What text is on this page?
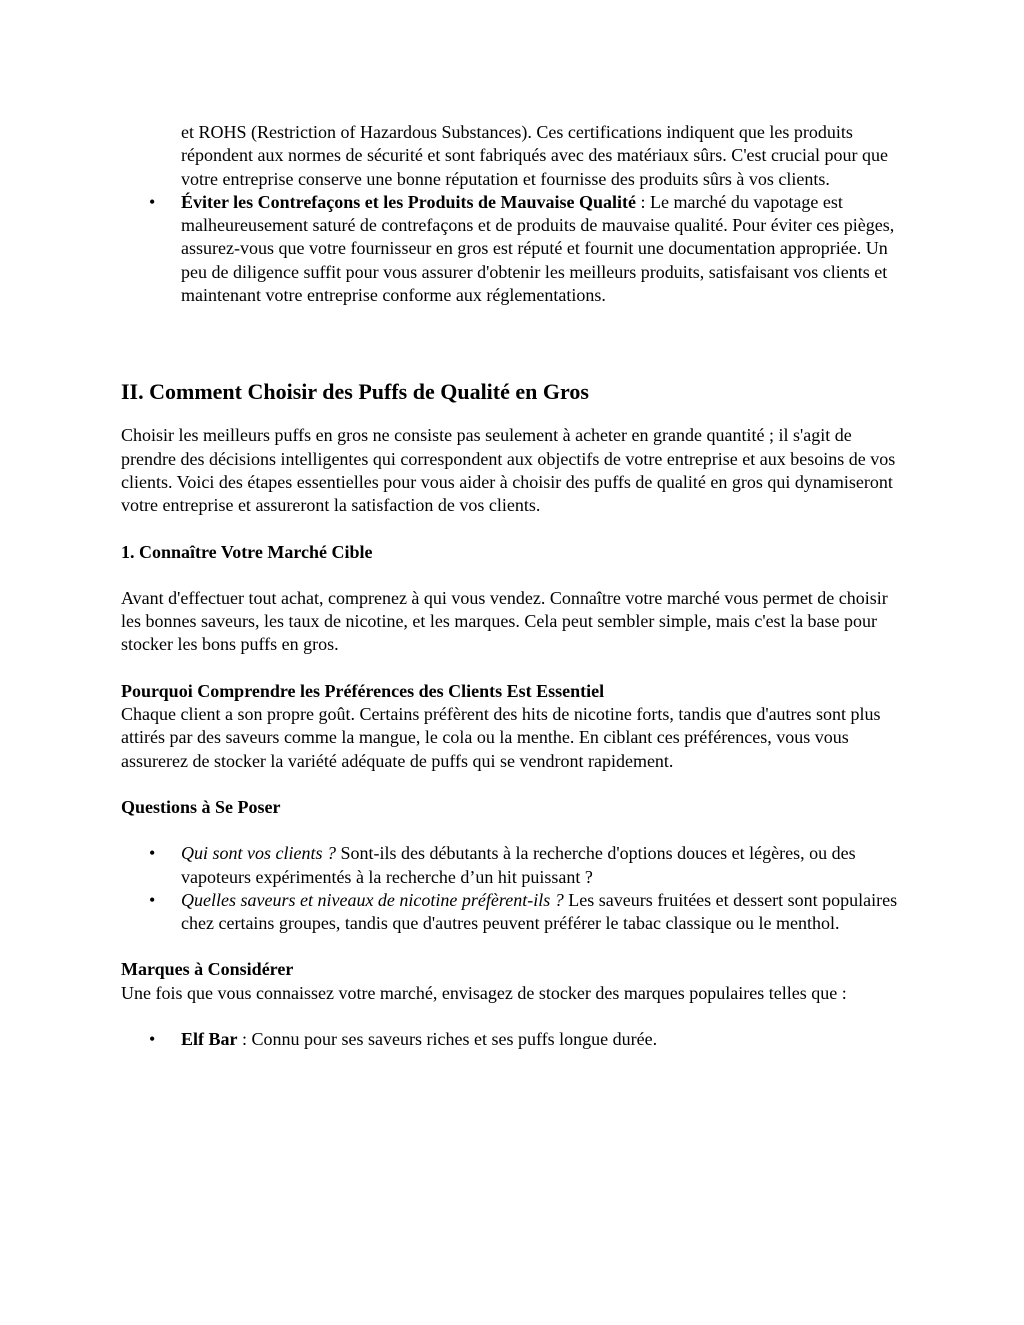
et ROHS (Restriction of Hazardous Substances). Ces certifications indiquent que les produits répondent aux normes de sécurité et sont fabriqués avec des matériaux sûrs. C'est crucial pour que votre entreprise conserve une bonne réputation et fournisse des produits sûrs à vos clients.
• Éviter les Contrefaçons et les Produits de Mauvaise Qualité : Le marché du vapotage est malheureusement saturé de contrefaçons et de produits de mauvaise qualité. Pour éviter ces pièges, assurez-vous que votre fournisseur en gros est réputé et fournit une documentation appropriée. Un peu de diligence suffit pour vous assurer d'obtenir les meilleurs produits, satisfaisant vos clients et maintenant votre entreprise conforme aux réglementations.
II. Comment Choisir des Puffs de Qualité en Gros

Choisir les meilleurs puffs en gros ne consiste pas seulement à acheter en grande quantité ; il s'agit de prendre des décisions intelligentes qui correspondent aux objectifs de votre entreprise et aux besoins de vos clients. Voici des étapes essentielles pour vous aider à choisir des puffs de qualité en gros qui dynamiseront votre entreprise et assureront la satisfaction de vos clients.

1. Connaître Votre Marché Cible

Avant d'effectuer tout achat, comprenez à qui vous vendez. Connaître votre marché vous permet de choisir les bonnes saveurs, les taux de nicotine, et les marques. Cela peut sembler simple, mais c'est la base pour stocker les bons puffs en gros.

Pourquoi Comprendre les Préférences des Clients Est Essentiel

Chaque client a son propre goût. Certains préfèrent des hits de nicotine forts, tandis que d'autres sont plus attirés par des saveurs comme la mangue, le cola ou la menthe. En ciblant ces préférences, vous vous assurerez de stocker la variété adéquate de puffs qui se vendront rapidement.

Questions à Se Poser

• Qui sont vos clients ? Sont-ils des débutants à la recherche d'options douces et légères, ou des vapoteurs expérimentés à la recherche d’un hit puissant ?
• Quelles saveurs et niveaux de nicotine préfèrent-ils ? Les saveurs fruitées et dessert sont populaires chez certains groupes, tandis que d'autres peuvent préférer le tabac classique ou le menthol.

Marques à Considérer

Une fois que vous connaissez votre marché, envisagez de stocker des marques populaires telles que :

• Elf Bar : Connu pour ses saveurs riches et ses puffs longue durée.
